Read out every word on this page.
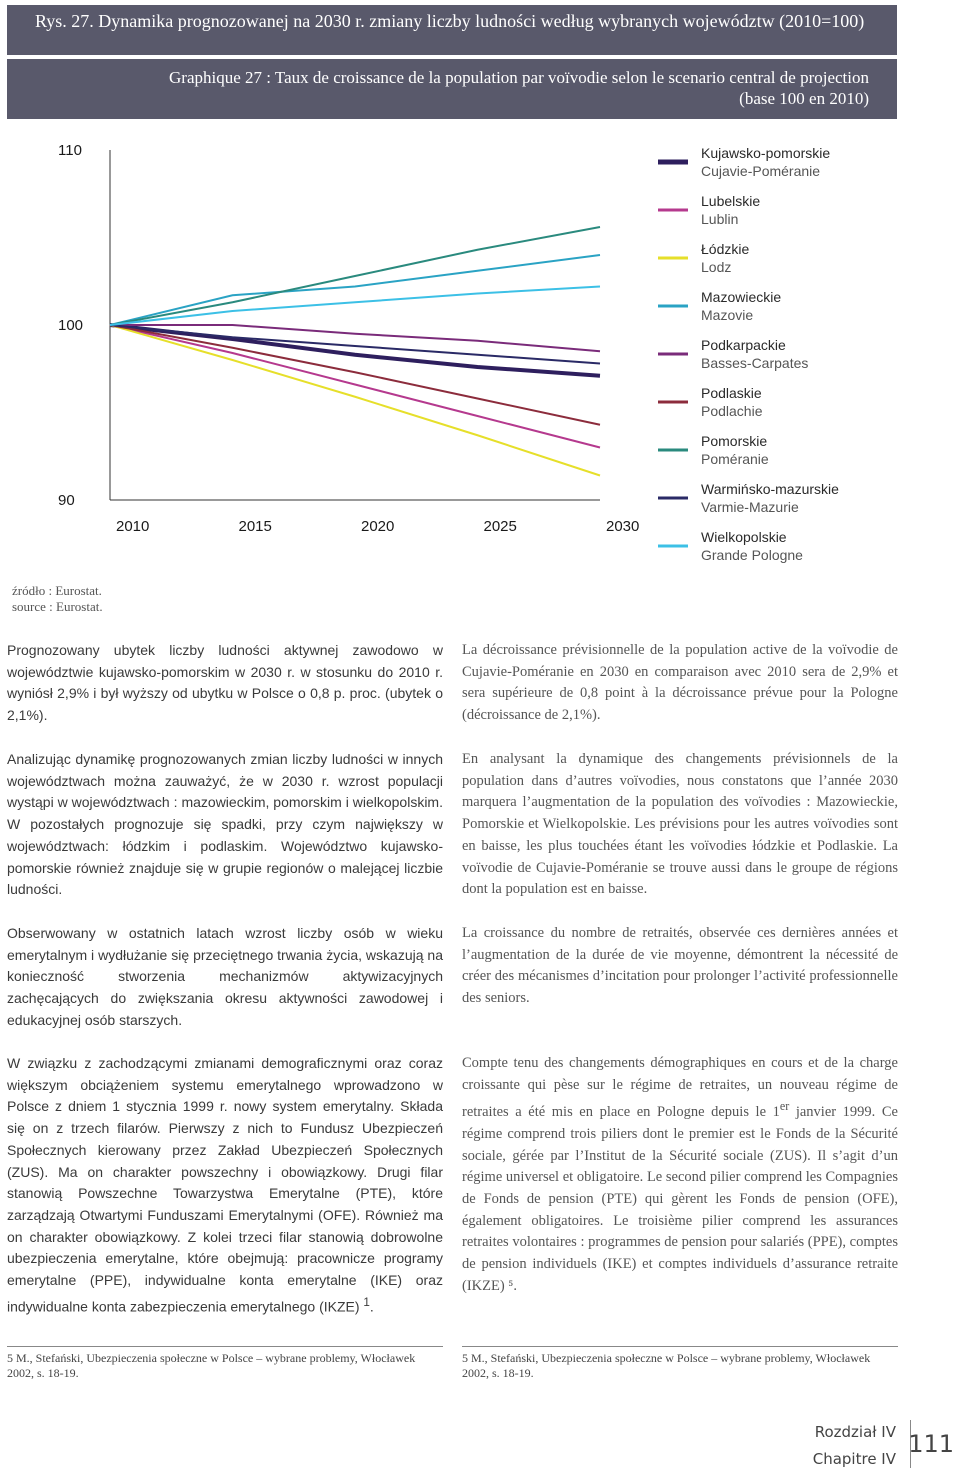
Rys. 27. Dynamika prognozowanej na 2030 r. zmiany liczby ludności według wybranych województw (2010=100)
Graphique 27 : Taux de croissance de la population par voïvodie selon le scenario central de projection
(base 100 en 2010)
110
100
90
2010	2015	2020	2025	2030
Kujawsko-pomorskie
Cujavie-Poméranie
Lubelskie
Lublin
Łódzkie
Lodz
Mazowieckie
Mazovie
Podkarpackie
Basses-Carpates
Podlaskie
Podlachie
Pomorskie
Poméranie
Warmińsko-mazurskie
Varmie-Mazurie
Wielkopolskie
Grande Pologne
źródło : Eurostat.
source : Eurostat.

Prognozowany ubytek liczby ludności aktywnej zawodowo w województwie kujawsko-pomorskim w 2030 r. w stosunku do 2010 r. wyniósł 2,9% i był wyższy od ubytku w Polsce o 0,8 p. proc. (ubytek o 2,1%).

Analizując dynamikę prognozowanych zmian liczby ludności w innych województwach można zauważyć, że w 2030 r. wzrost populacji wystąpi w województwach : mazowieckim, pomorskim i wielkopolskim. W pozostałych prognozuje się spadki, przy czym największy w województwach: łódzkim i podlaskim. Województwo kujawsko-pomorskie również znajduje się w grupie regionów o malejącej liczbie ludności.

Obserwowany w ostatnich latach wzrost liczby osób w wieku emerytalnym i wydłużanie się przeciętnego trwania życia, wskazują na konieczność stworzenia mechanizmów aktywizacyjnych zachęcających do zwiększania okresu aktywności zawodowej i edukacyjnej osób starszych.

W związku z zachodzącymi zmianami demograficznymi oraz coraz większym obciążeniem systemu emerytalnego wprowadzono w Polsce z dniem 1 stycznia 1999 r. nowy system emerytalny. Składa się on z trzech filarów. Pierwszy z nich to Fundusz Ubezpieczeń Społecznych kierowany przez Zakład Ubezpieczeń Społecznych (ZUS). Ma on charakter powszechny i obowiązkowy. Drugi filar stanowią Powszechne Towarzystwa Emerytalne (PTE), które zarządzają Otwartymi Funduszami Emerytalnymi (OFE). Również ma on charakter obowiązkowy. Z kolei trzeci filar stanowią dobrowolne ubezpieczenia emerytalne, które obejmują: pracownicze programy emerytalne (PPE), indywidualne konta emerytalne (IKE) oraz indywidualne konta zabezpieczenia emerytalnego (IKZE) $^1$.

La décroissance prévisionnelle de la population active de la voïvodie de Cujavie-Poméranie en 2030 en comparaison avec 2010 sera de 2,9% et sera supérieure de 0,8 point à la décroissance prévue pour la Pologne (décroissance de 2,1%).

En analysant la dynamique des changements prévisionnels de la population dans d’autres voïvodies, nous constatons que l’année 2030 marquera l’augmentation de la population des voïvodies : Mazowieckie, Pomorskie et Wielkopolskie. Les prévisions pour les autres voïvodies sont en baisse, les plus touchées étant les voïvodies łódzkie et Podlaskie. La voïvodie de Cujavie-Poméranie se trouve aussi dans le groupe de régions dont la population est en baisse.

La croissance du nombre de retraités, observée ces dernières années et l’augmentation de la durée de vie moyenne, démontrent la nécessité de créer des mécanismes d’incitation pour prolonger l’activité professionnelle des seniors.

Compte tenu des changements démographiques en cours et de la charge croissante qui pèse sur le régime de retraites, un nouveau régime de retraites a été mis en place en Pologne depuis le 1er janvier 1999. Ce régime comprend trois piliers dont le premier est le Fonds de la Sécurité sociale, gérée par l’Institut de la Sécurité sociale (ZUS). Il s’agit d’un régime universel et obligatoire. Le second pilier comprend les Compagnies de Fonds de pension (PTE) qui gèrent les Fonds de pension (OFE), également obligatoires. Le troisième pilier comprend les assurances retraites volontaires : programmes de pension pour salariés (PPE), comptes de pension individuels (IKE) et comptes individuels d’assurance retraite (IKZE) ⁵.

5 M., Stefański, Ubezpieczenia społeczne w Polsce – wybrane problemy, Włocławek 2002, s. 18-19.
5 M., Stefański, Ubezpieczenia społeczne w Polsce – wybrane problemy, Włocławek 2002, s. 18-19.
Rozdział IV
Chapitre IV
111
